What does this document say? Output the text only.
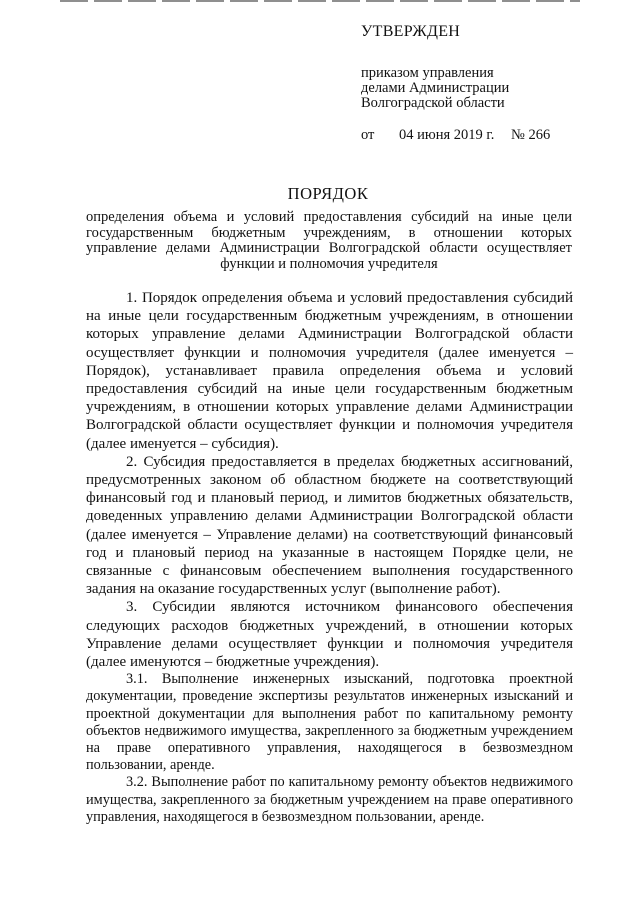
УТВЕРЖДЕН
приказом управления
делами Администрации
Волгоградской области
от 04 июня 2019 г. № 266
ПОРЯДОК
определения объема и условий предоставления субсидий на иные цели государственным бюджетным учреждениям, в отношении которых управление делами Администрации Волгоградской области осуществляет функции и полномочия учредителя

1. Порядок определения объема и условий предоставления субсидий на иные цели государственным бюджетным учреждениям, в отношении которых управление делами Администрации Волгоградской области осуществляет функции и полномочия учредителя (далее именуется – Порядок), устанавливает правила определения объема и условий предоставления субсидий на иные цели государственным бюджетным учреждениям, в отношении которых управление делами Администрации Волгоградской области осуществляет функции и полномочия учредителя (далее именуется – субсидия).

2. Субсидия предоставляется в пределах бюджетных ассигнований, предусмотренных законом об областном бюджете на соответствующий финансовый год и плановый период, и лимитов бюджетных обязательств, доведенных управлению делами Администрации Волгоградской области (далее именуется – Управление делами) на соответствующий финансовый год и плановый период на указанные в настоящем Порядке цели, не связанные с финансовым обеспечением выполнения государственного задания на оказание государственных услуг (выполнение работ).

3. Субсидии являются источником финансового обеспечения следующих расходов бюджетных учреждений, в отношении которых Управление делами осуществляет функции и полномочия учредителя (далее именуются – бюджетные учреждения).

3.1. Выполнение инженерных изысканий, подготовка проектной документации, проведение экспертизы результатов инженерных изысканий и проектной документации для выполнения работ по капитальному ремонту объектов недвижимого имущества, закрепленного за бюджетным учреждением на праве оперативного управления, находящегося в безвозмездном пользовании, аренде.

3.2. Выполнение работ по капитальному ремонту объектов недвижимого имущества, закрепленного за бюджетным учреждением на праве оперативного управления, находящегося в безвозмездном пользовании, аренде.
